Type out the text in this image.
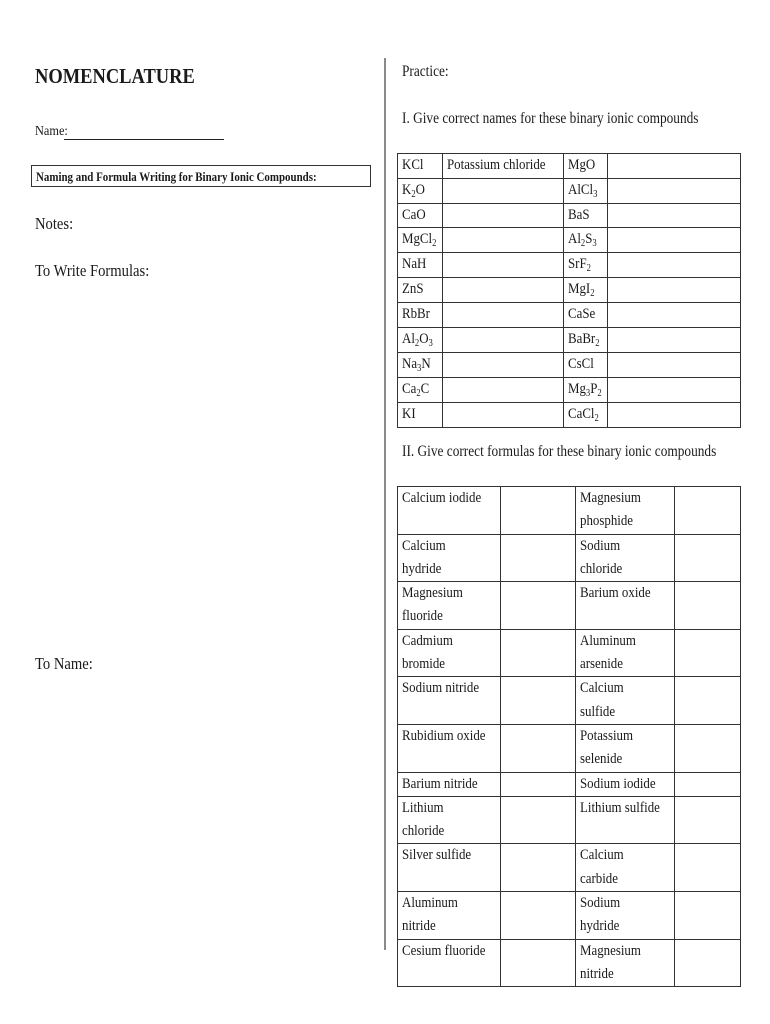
NOMENCLATURE
Name:
Naming and Formula Writing for Binary Ionic Compounds:
Notes:
To Write Formulas:
To Name:
Practice:
I. Give correct names for these binary ionic compounds
II. Give correct formulas for these binary ionic compounds
KCl	Potassium chloride	MgO	
$K_2O$		AlCl$_3$	
CaO		BaS	
MgCl$_2$		$Al_2S_3$	
NaH		SrF$_2$	
ZnS		MgI$_2$	
RbBr		CaSe	
$Al_2O_3$		BaBr$_2$	
$Na_3N$		CsCl	
$Ca_2C$		$Mg_3P_2$	
KI		CaCl$_2$	
Calcium iodide		Magnesium phosphide	
Calcium hydride		Sodium chloride	
Magnesium fluoride		Barium oxide	
Cadmium bromide		Aluminum arsenide	
Sodium nitride		Calcium sulfide	
Rubidium oxide		Potassium selenide	
Barium nitride		Sodium iodide	
Lithium chloride		Lithium sulfide	
Silver sulfide		Calcium carbide	
Aluminum nitride		Sodium hydride	
Cesium fluoride		Magnesium nitride	
